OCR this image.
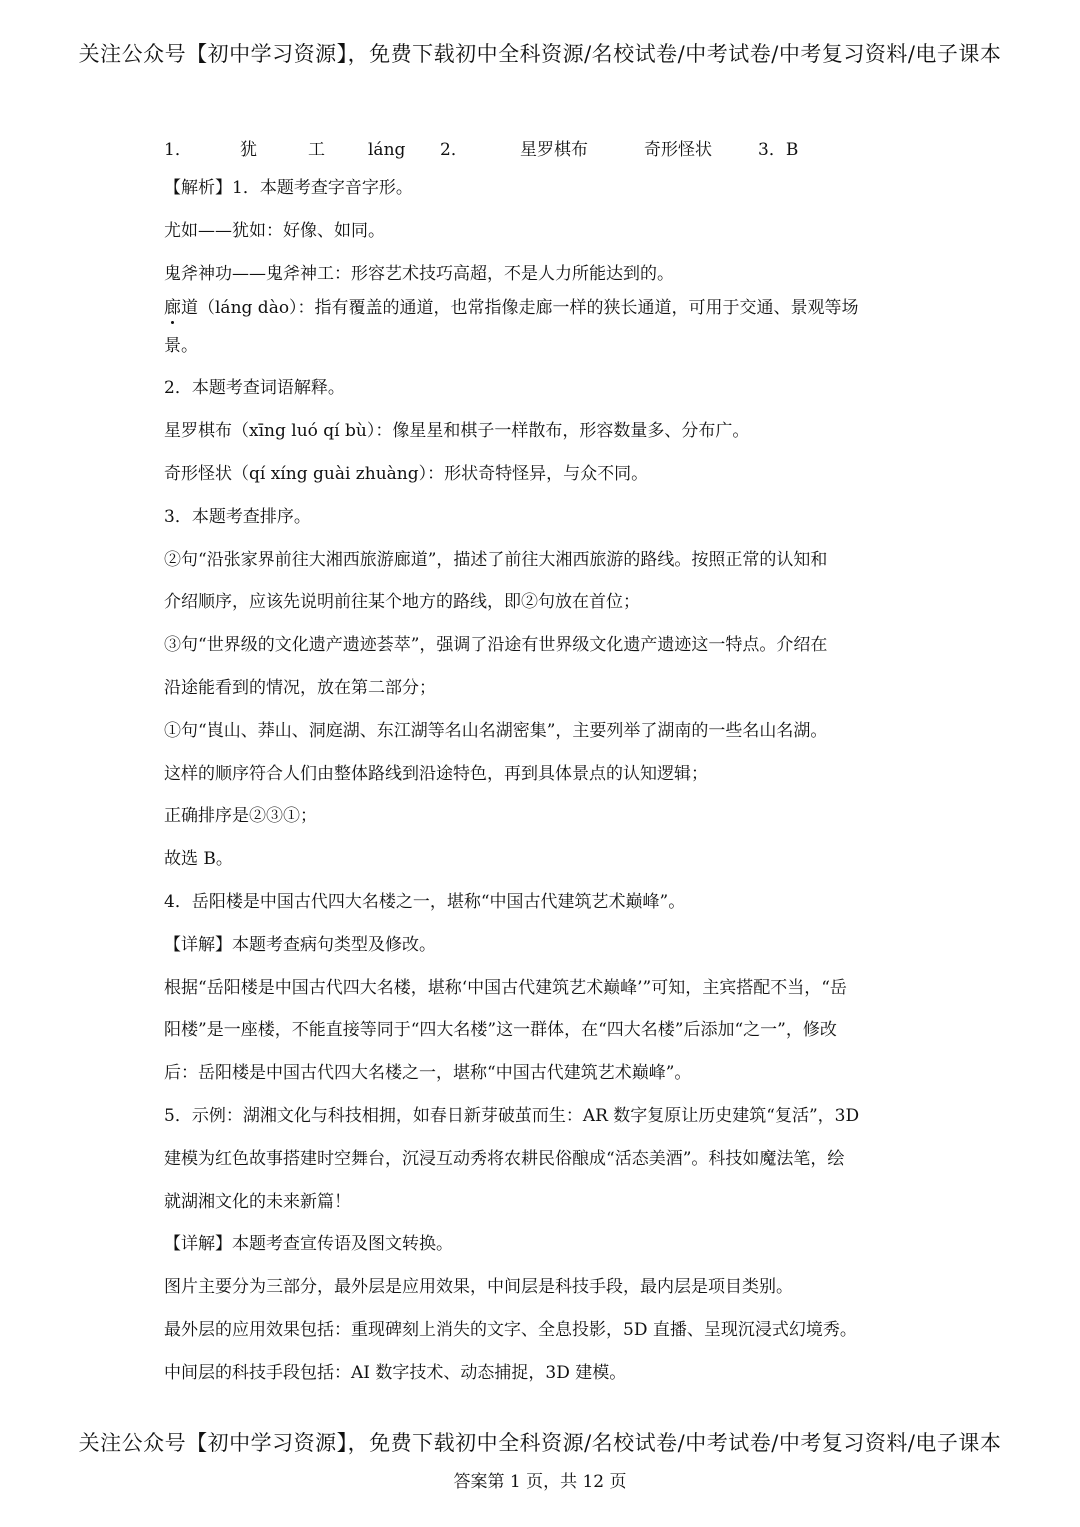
关注公众号【初中学习资源】，免费下载初中全科资源/名校试卷/中考试卷/中考复习资料/电子课本
1．	犹	工	láng	2．	星罗棋布	奇形怪状	3．B

【解析】1．本题考查字音字形。

尤如——犹如：好像、如同。

鬼斧神功——鬼斧神工：形容艺术技巧高超，不是人力所能达到的。

廊道（láng dào）：指有覆盖的通道，也常指像走廊一样的狭长通道，可用于交通、景观等场

景。

2．本题考查词语解释。

星罗棋布（xīng luó qí bù）：像星星和棋子一样散布，形容数量多、分布广。

奇形怪状（qí xíng guài zhuàng）：形状奇特怪异，与众不同。

3．本题考查排序。

②句“沿张家界前往大湘西旅游廊道”，描述了前往大湘西旅游的路线。按照正常的认知和

介绍顺序，应该先说明前往某个地方的路线，即②句放在首位；

③句“世界级的文化遗产遗迹荟萃”，强调了沿途有世界级文化遗产遗迹这一特点。介绍在

沿途能看到的情况，放在第二部分；

①句“崀山、莽山、洞庭湖、东江湖等名山名湖密集”，主要列举了湖南的一些名山名湖。

这样的顺序符合人们由整体路线到沿途特色，再到具体景点的认知逻辑；

正确排序是②③①；

故选 B。

4．岳阳楼是中国古代四大名楼之一，堪称“中国古代建筑艺术巅峰”。

【详解】本题考查病句类型及修改。

根据“岳阳楼是中国古代四大名楼，堪称‘中国古代建筑艺术巅峰’”可知，主宾搭配不当，“岳

阳楼”是一座楼，不能直接等同于“四大名楼”这一群体，在“四大名楼”后添加“之一”，修改

后：岳阳楼是中国古代四大名楼之一，堪称“中国古代建筑艺术巅峰”。

5．示例：湖湘文化与科技相拥，如春日新芽破茧而生：AR 数字复原让历史建筑“复活”，3D

建模为红色故事搭建时空舞台，沉浸互动秀将农耕民俗酿成“活态美酒”。科技如魔法笔，绘

就湖湘文化的未来新篇！

【详解】本题考查宣传语及图文转换。

图片主要分为三部分，最外层是应用效果，中间层是科技手段，最内层是项目类别。

最外层的应用效果包括：重现碑刻上消失的文字、全息投影，5D 直播、呈现沉浸式幻境秀。

中间层的科技手段包括：AI 数字技术、动态捕捉，3D 建模。

关注公众号【初中学习资源】，免费下载初中全科资源/名校试卷/中考试卷/中考复习资料/电子课本
答案第 1 页，共 12 页
